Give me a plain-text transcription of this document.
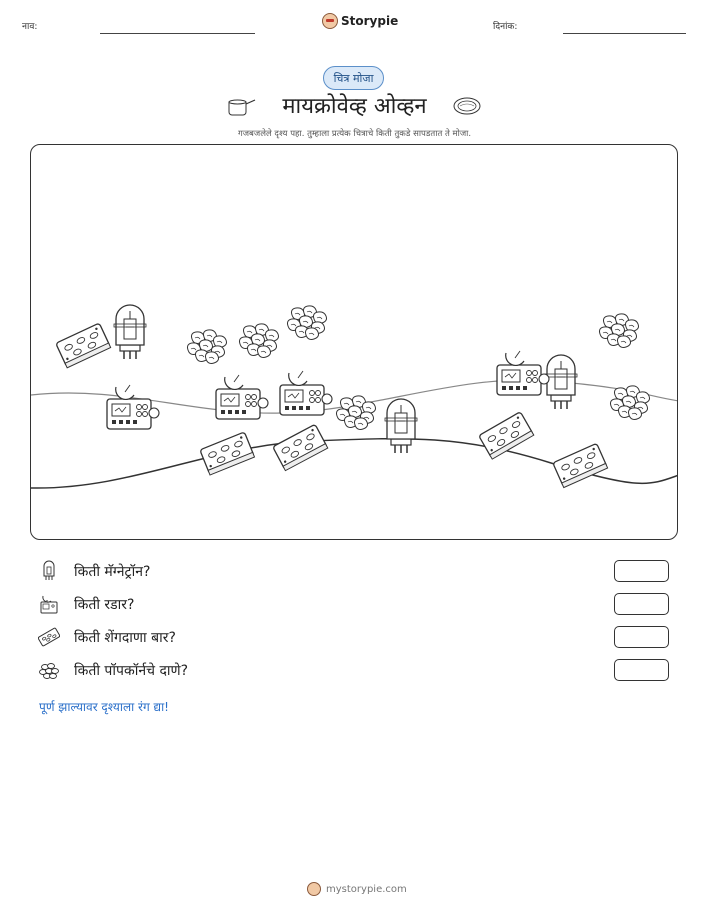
नाव:	Storypie	दिनांक:
चित्र मोजा
मायक्रोवेव्ह ओव्हन
गजबजलेले दृश्य पहा. तुम्हाला प्रत्येक चित्राचे किती तुकडे सापडतात ते मोजा.
किती मॅग्नेट्रॉन?
किती रडार?
किती शेंगदाणा बार?
किती पॉपकॉर्नचे दाणे?
पूर्ण झाल्यावर दृश्याला रंग द्या!
mystorypie.com
